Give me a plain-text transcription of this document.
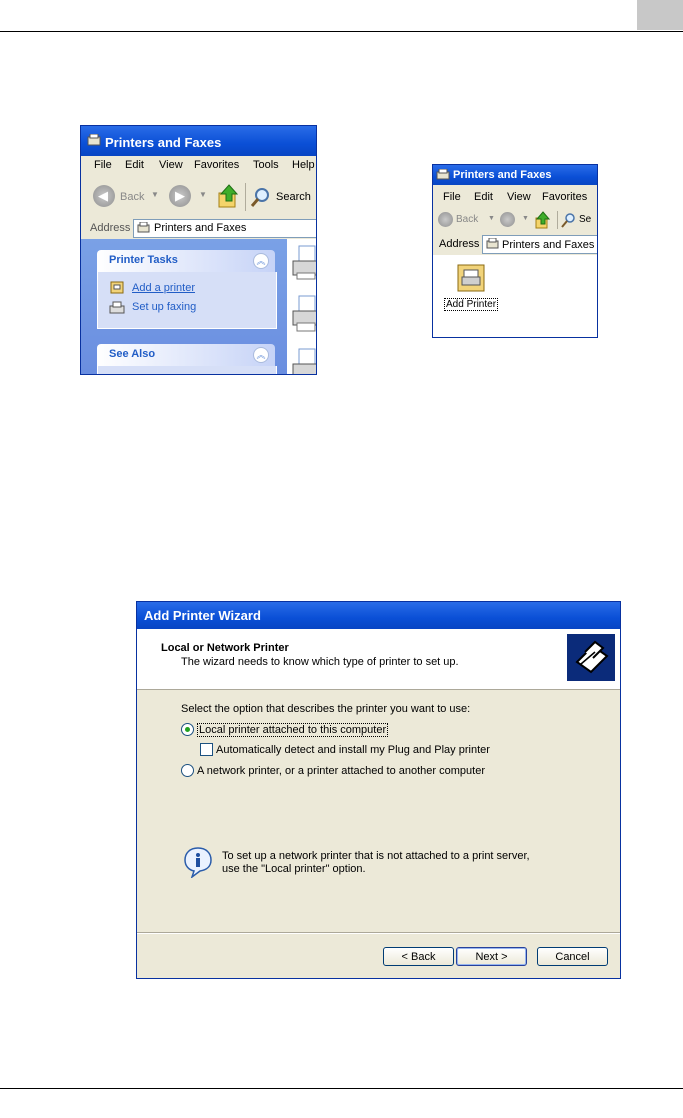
Printers and Faxes
File Edit View Favorites Tools Help
◀ Back ▼ ▶ ▼	Search
Address Printers and Faxes
Printer Tasks	︽
Add a printer
Set up faxing
See Also	︽
Printers and Faxes
File Edit View Favorites
Back ▼	▼	Se
Address Printers and Faxes
Add Printer
Add Printer Wizard
Local or Network Printer
The wizard needs to know which type of printer to set up.
Select the option that describes the printer you want to use:
Local printer attached to this computer
Automatically detect and install my Plug and Play printer
A network printer, or a printer attached to another computer
To set up a network printer that is not attached to a print server,
use the "Local printer" option.
< Back	Next >	Cancel
